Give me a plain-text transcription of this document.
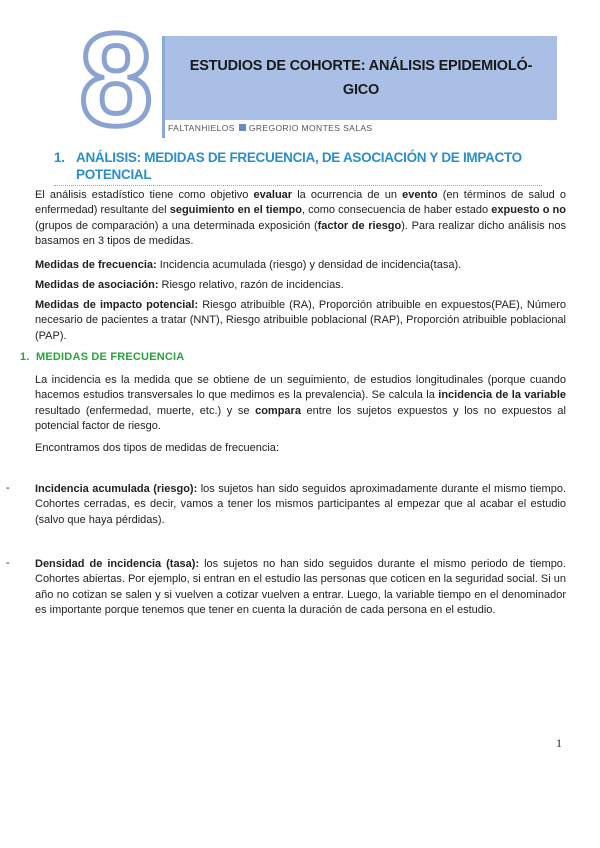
8	ESTUDIOS DE COHORTE: ANÁLISIS EPIDEMIOLÓ-GICO
FALTANHIELOS GREGORIO MONTES SALAS
1. ANÁLISIS: MEDIDAS DE FRECUENCIA, DE ASOCIACIÓN Y DE IMPACTO
POTENCIAL

El análisis estadístico tiene como objetivo evaluar la ocurrencia de un evento (en términos de salud o enfermedad) resultante del seguimiento en el tiempo, como consecuencia de haber estado expuesto o no (grupos de comparación) a una determinada exposición (factor de riesgo). Para realizar dicho análisis nos basamos en 3 tipos de medidas.

Medidas de frecuencia: Incidencia acumulada (riesgo) y densidad de incidencia(tasa).

Medidas de asociación: Riesgo relativo, razón de incidencias.

Medidas de impacto potencial: Riesgo atribuible (RA), Proporción atribuible en expuestos(PAE), Número necesario de pacientes a tratar (NNT), Riesgo atribuible poblacional (RAP), Proporción atribuible poblacional (PAP).

1. MEDIDAS DE FRECUENCIA

La incidencia es la medida que se obtiene de un seguimiento, de estudios longitudinales (porque cuando hacemos estudios transversales lo que medimos es la prevalencia). Se calcula la incidencia de la variable resultado (enfermedad, muerte, etc.) y se compara entre los sujetos expuestos y los no expuestos al potencial factor de riesgo.

Encontramos dos tipos de medidas de frecuencia:

- Incidencia acumulada (riesgo): los sujetos han sido seguidos aproximadamente durante el mismo tiempo. Cohortes cerradas, es decir, vamos a tener los mismos participantes al empezar que al acabar el estudio (salvo que haya pérdidas).

- Densidad de incidencia (tasa): los sujetos no han sido seguidos durante el mismo periodo de tiempo. Cohortes abiertas. Por ejemplo, si entran en el estudio las personas que coticen en la seguridad social. Si un año no cotizan se salen y si vuelven a cotizar vuelven a entrar. Luego, la variable tiempo en el denominador es importante porque tenemos que tener en cuenta la duración de cada persona en el estudio.

1
